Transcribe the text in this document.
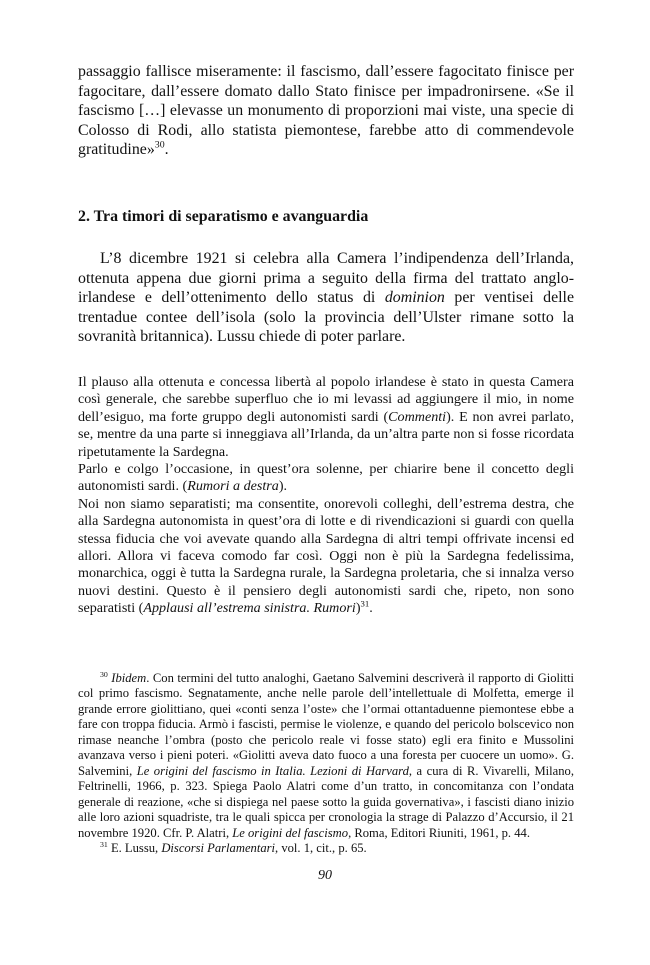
passaggio fallisce miseramente: il fascismo, dall’essere fagocitato finisce per fagocitare, dall’essere domato dallo Stato finisce per impadronirsene. «Se il fascismo […] elevasse un monumento di proporzioni mai viste, una specie di Colosso di Rodi, allo statista piemontese, farebbe atto di commendevole gratitudine»$^{30}$.

2. Tra timori di separatismo e avanguardia

L’8 dicembre 1921 si celebra alla Camera l’indipendenza dell’Irlanda, ottenuta appena due giorni prima a seguito della firma del trattato anglo-irlandese e dell’ottenimento dello status di dominion per ventisei delle trentadue contee dell’isola (solo la provincia dell’Ulster rimane sotto la sovranità britannica). Lussu chiede di poter parlare.

Il plauso alla ottenuta e concessa libertà al popolo irlandese è stato in questa Camera così generale, che sarebbe superfluo che io mi levassi ad aggiungere il mio, in nome dell’esiguo, ma forte gruppo degli autonomisti sardi (Commenti). E non avrei parlato, se, mentre da una parte si inneggiava all’Irlanda, da un’altra parte non si fosse ricordata ripetutamente la Sardegna.

Parlo e colgo l’occasione, in quest’ora solenne, per chiarire bene il concetto degli autonomisti sardi. (Rumori a destra).

Noi non siamo separatisti; ma consentite, onorevoli colleghi, dell’estrema destra, che alla Sardegna autonomista in quest’ora di lotte e di rivendicazioni si guardi con quella stessa fiducia che voi avevate quando alla Sardegna di altri tempi offrivate incensi ed allori. Allora vi faceva comodo far così. Oggi non è più la Sardegna fedelissima, monarchica, oggi è tutta la Sardegna rurale, la Sardegna proletaria, che si innalza verso nuovi destini. Questo è il pensiero degli autonomisti sardi che, ripeto, non sono separatisti (Applausi all’estrema sinistra. Rumori)$^{31}$.

$^{30}$ Ibidem. Con termini del tutto analoghi, Gaetano Salvemini descriverà il rapporto di Giolitti col primo fascismo. Segnatamente, anche nelle parole dell’intellettuale di Molfetta, emerge il grande errore giolittiano, quei «conti senza l’oste» che l’ormai ottantaduenne piemontese ebbe a fare con troppa fiducia. Armò i fascisti, permise le violenze, e quando del pericolo bolscevico non rimase neanche l’ombra (posto che pericolo reale vi fosse stato) egli era finito e Mussolini avanzava verso i pieni poteri. «Giolitti aveva dato fuoco a una foresta per cuocere un uomo». G. Salvemini, Le origini del fascismo in Italia. Lezioni di Harvard, a cura di R. Vivarelli, Milano, Feltrinelli, 1966, p. 323. Spiega Paolo Alatri come d’un tratto, in concomitanza con l’ondata generale di reazione, «che si dispiega nel paese sotto la guida governativa», i fascisti diano inizio alle loro azioni squadriste, tra le quali spicca per cronologia la strage di Palazzo d’Accursio, il 21 novembre 1920. Cfr. P. Alatri, Le origini del fascismo, Roma, Editori Riuniti, 1961, p. 44.

$^{31}$ E. Lussu, Discorsi Parlamentari, vol. 1, cit., p. 65.

90
